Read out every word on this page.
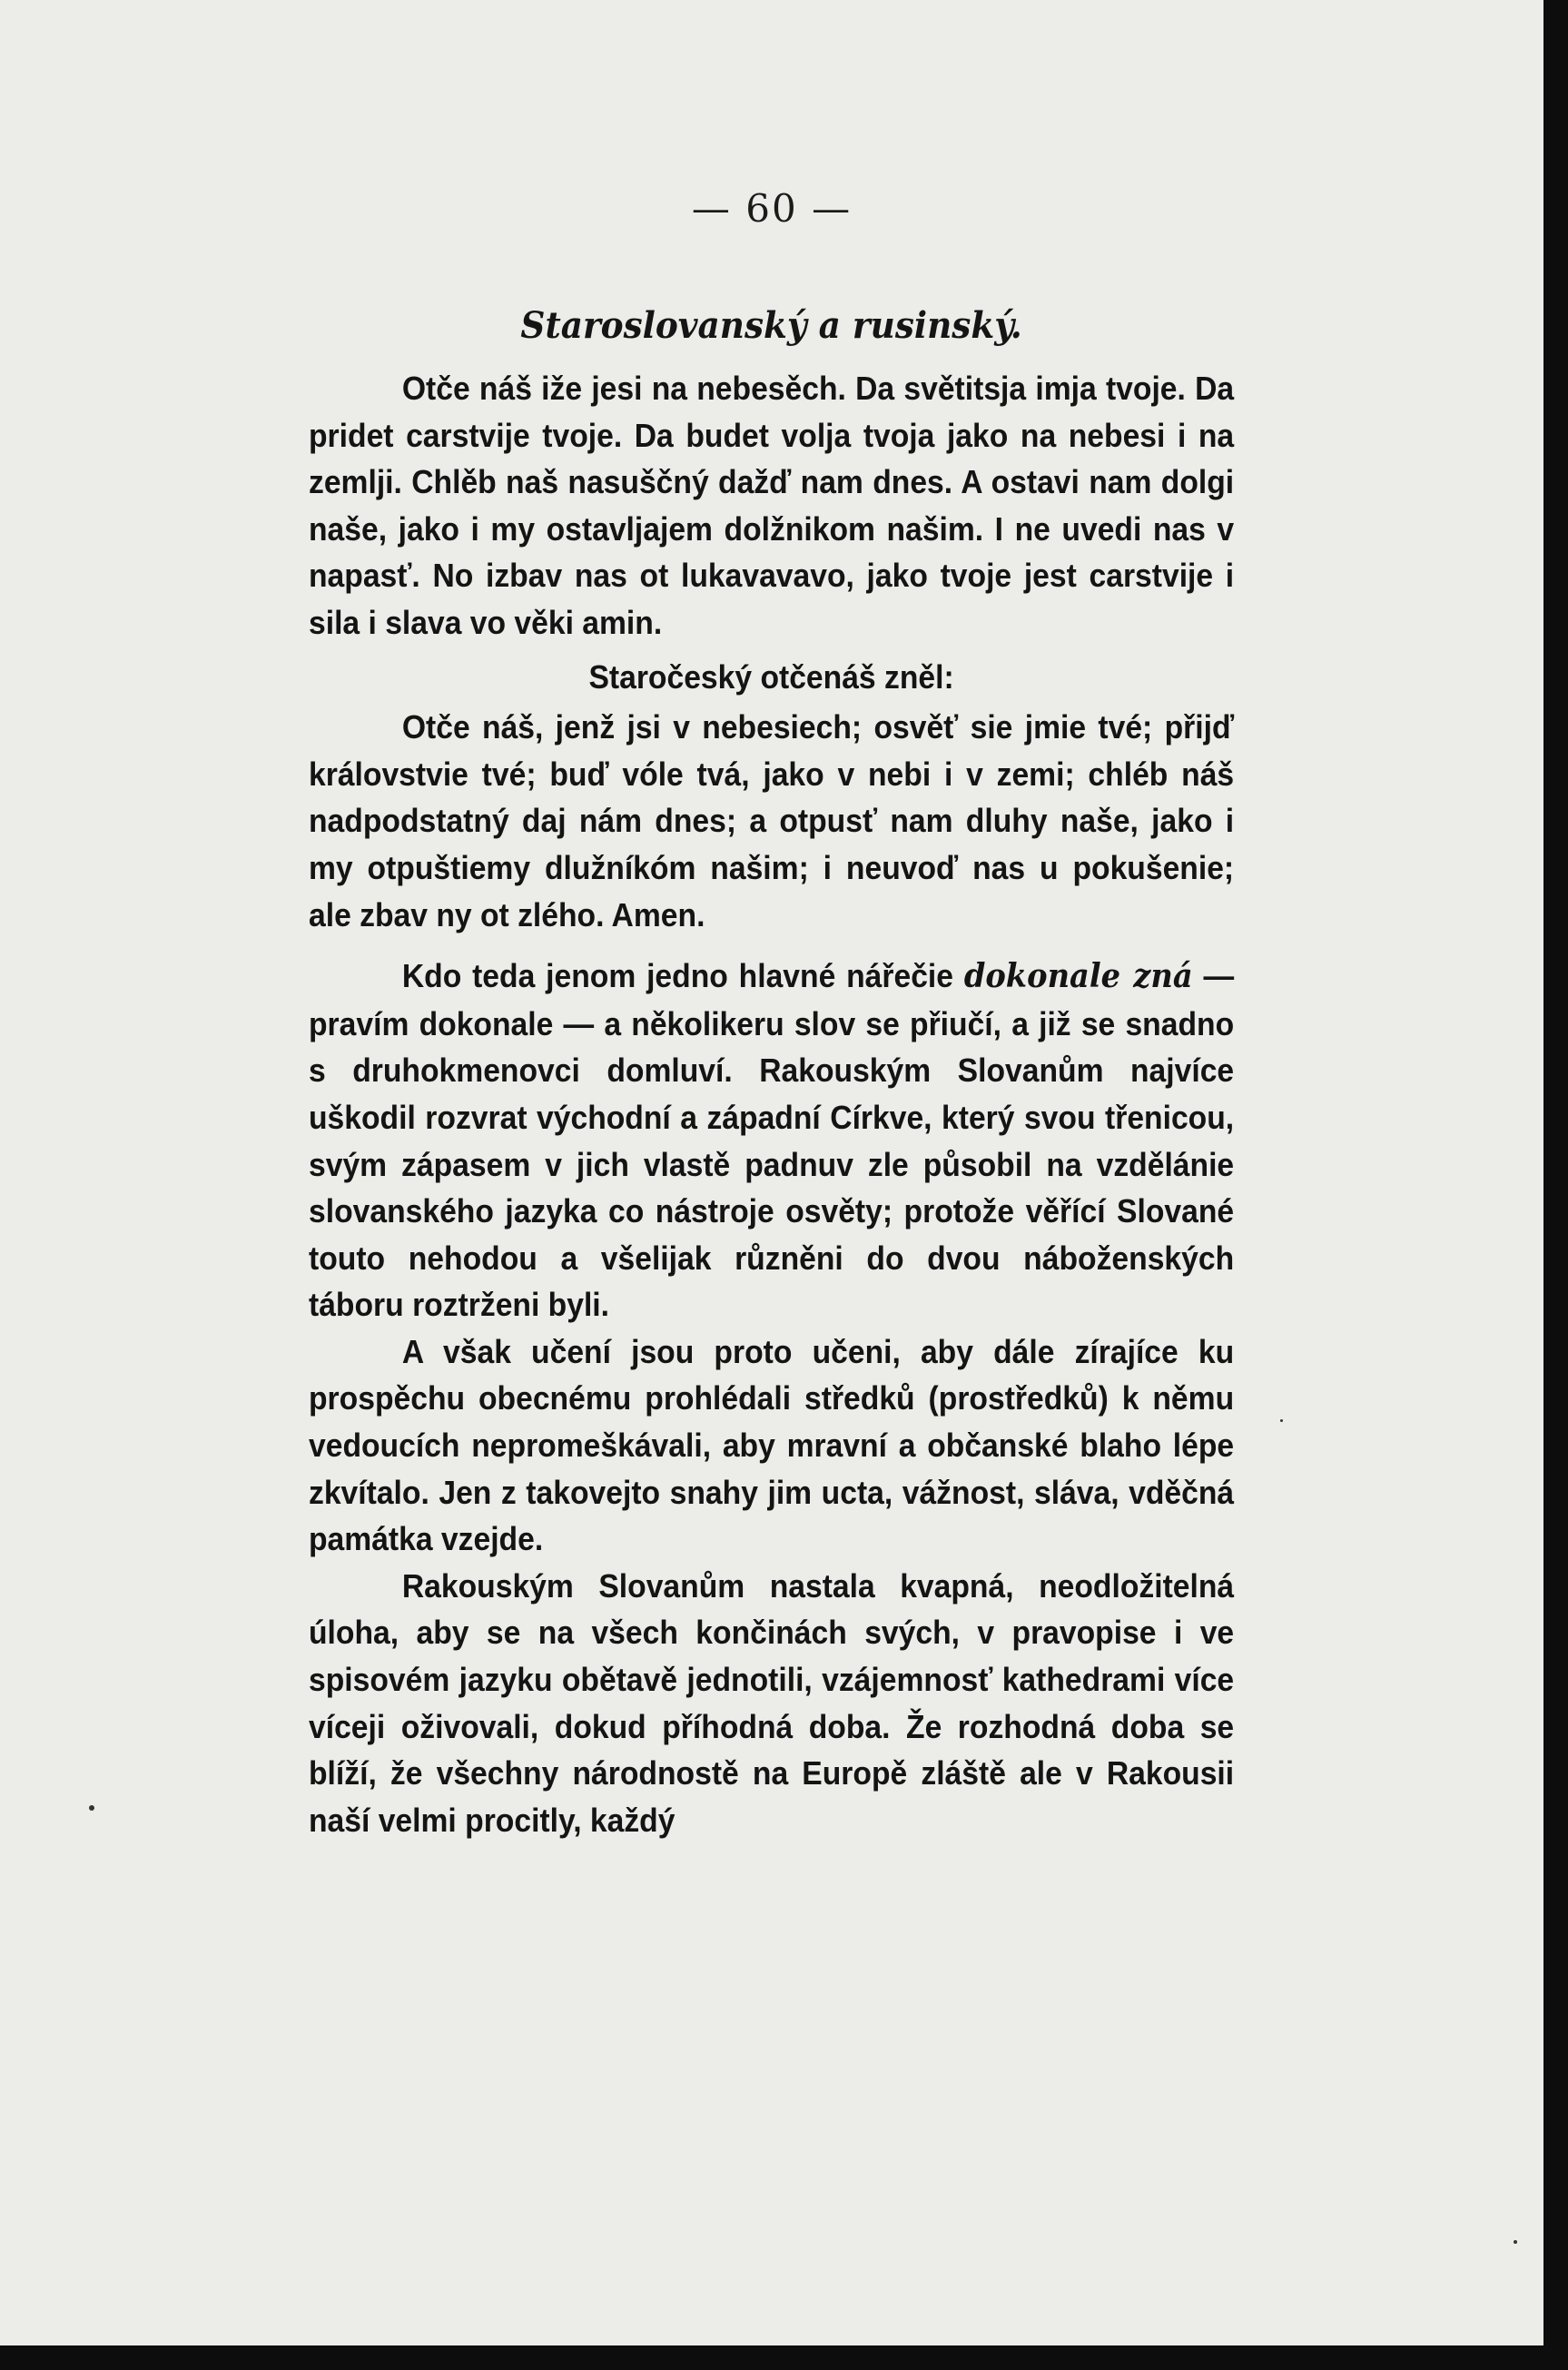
— 60 —
Staroslovanský a rusinský.

Otče náš iže jesi na nebesěch. Da světitsja imja tvoje. Da pridet carstvije tvoje. Da budet volja tvoja jako na nebesi i na zemlji. Chlěb naš nasuščný dažď nam dnes. A ostavi nam dolgi naše, jako i my ostavljajem dolžnikom našim. I ne uvedi nas v napasť. No izbav nas ot lukavavavo, jako tvoje jest carstvije i sila i slava vo věki amin.

Staročeský otčenáš zněl:

Otče náš, jenž jsi v nebesiech; osvěť sie jmie tvé; přijď královstvie tvé; buď vóle tvá, jako v nebi i v zemi; chléb náš nadpodstatný daj nám dnes; a otpusť nam dluhy naše, jako i my otpuštiemy dlužníkóm našim; i neuvoď nas u pokušenie; ale zbav ny ot zlého. Amen.

Kdo teda jenom jedno hlavné nářečie dokonale zná — pravím dokonale — a několikeru slov se přiučí, a již se snadno s druhokmenovci domluví. Rakouským Slovanům najvíce uškodil rozvrat východní a západní Církve, který svou třenicou, svým zápasem v jich vlastě padnuv zle působil na vzdělánie slovanského jazyka co nástroje osvěty; protože věřící Slované touto nehodou a všelijak různěni do dvou náboženských táboru roztrženi byli.

A však učení jsou proto učeni, aby dále zírajíce ku prospěchu obecnému prohlédali středků (prostředků) k němu vedoucích nepromeškávali, aby mravní a občanské blaho lépe zkvítalo. Jen z takovejto snahy jim ucta, vážnost, sláva, vděčná památka vzejde.

Rakouským Slovanům nastala kvapná, neodložitelná úloha, aby se na všech končinách svých, v pravopise i ve spisovém jazyku obětavě jednotili, vzájemnosť kathedrami více víceji oživovali, dokud příhodná doba. Že rozhodná doba se blíží, že všechny národnostě na Europě zláště ale v Rakousii naší velmi procitly, každý
